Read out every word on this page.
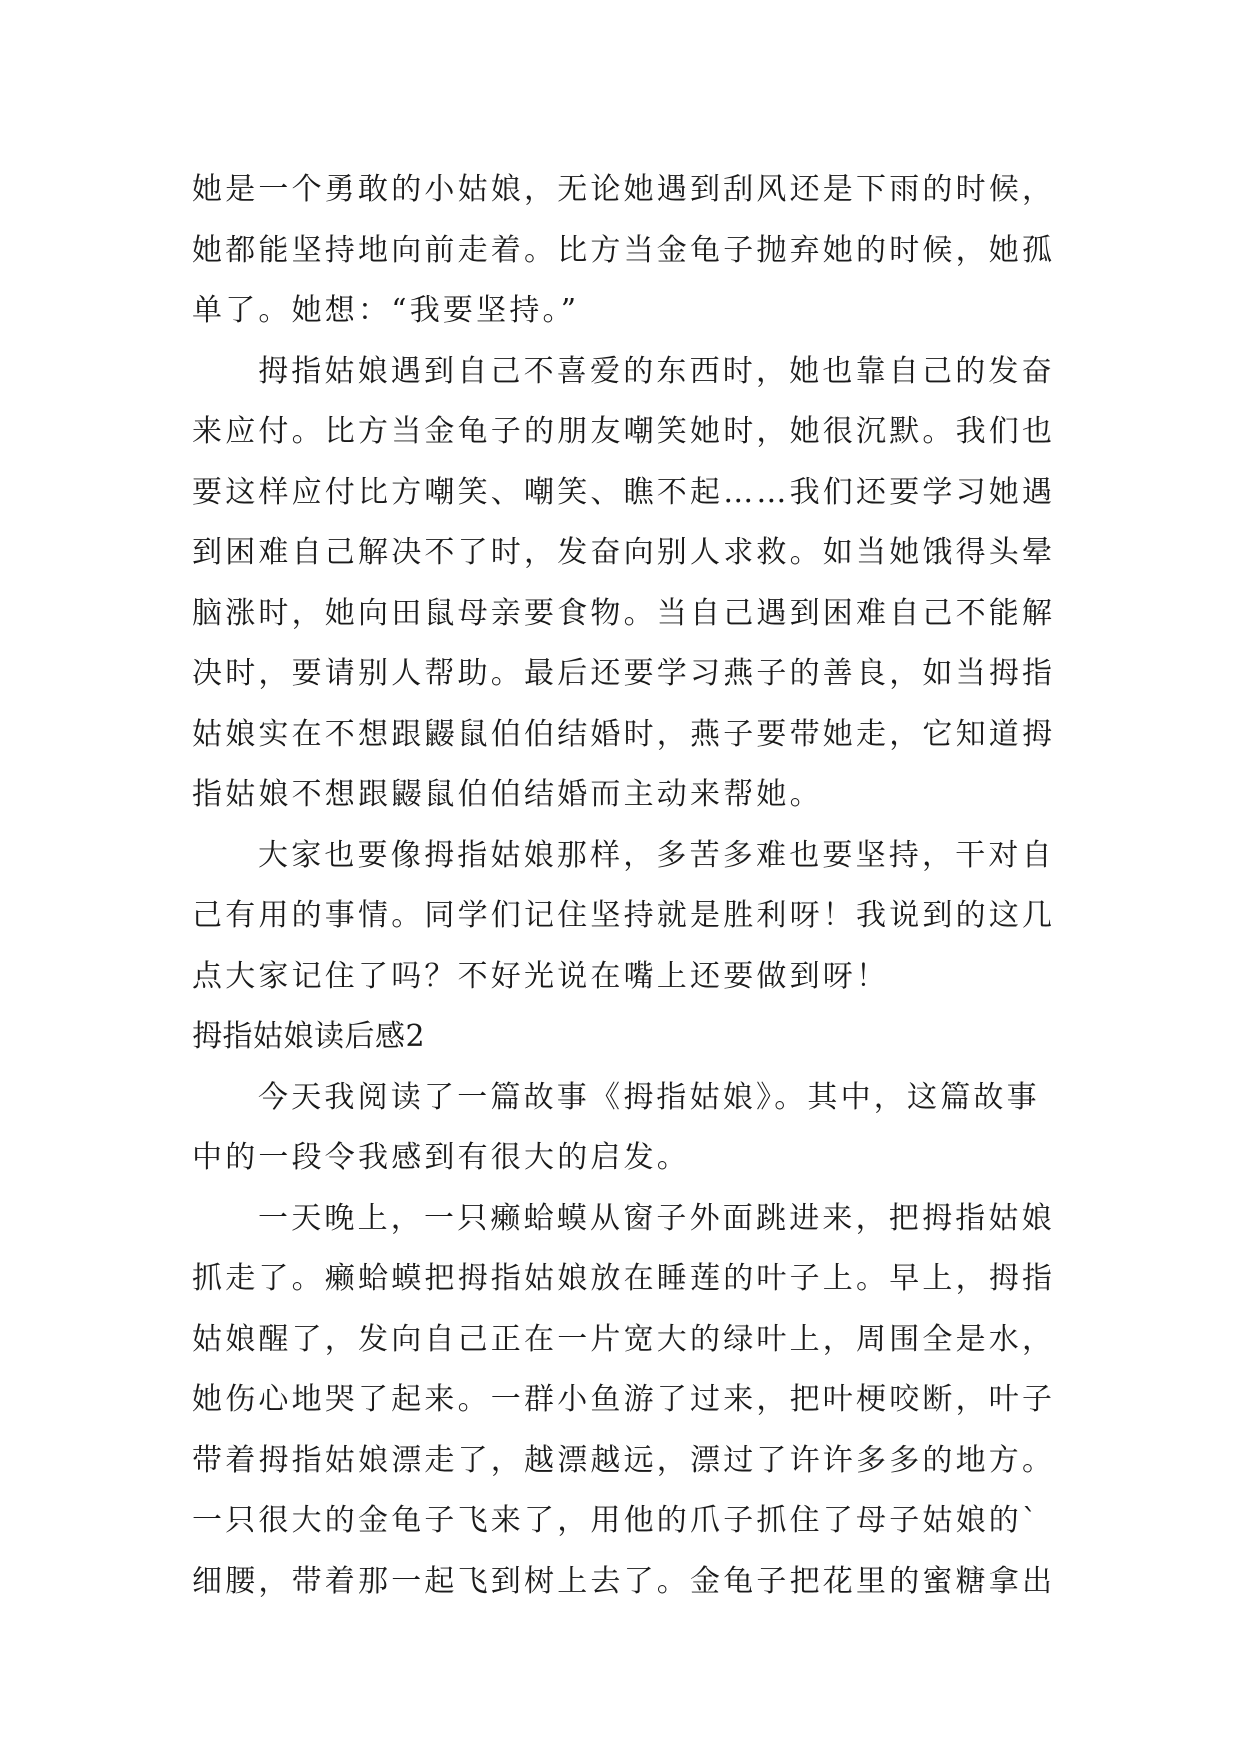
她是一个勇敢的小姑娘，无论她遇到刮风还是下雨的时候，
她都能坚持地向前走着。比方当金龟子抛弃她的时候，她孤
单了。她想：“我要坚持。”
拇指姑娘遇到自己不喜爱的东西时，她也靠自己的发奋
来应付。比方当金龟子的朋友嘲笑她时，她很沉默。我们也
要这样应付比方嘲笑、嘲笑、瞧不起……我们还要学习她遇
到困难自己解决不了时，发奋向别人求救。如当她饿得头晕
脑涨时，她向田鼠母亲要食物。当自己遇到困难自己不能解
决时，要请别人帮助。最后还要学习燕子的善良，如当拇指
姑娘实在不想跟鼹鼠伯伯结婚时，燕子要带她走，它知道拇
指姑娘不想跟鼹鼠伯伯结婚而主动来帮她。
大家也要像拇指姑娘那样，多苦多难也要坚持，干对自
己有用的事情。同学们记住坚持就是胜利呀！我说到的这几
点大家记住了吗？不好光说在嘴上还要做到呀！
拇指姑娘读后感2
今天我阅读了一篇故事《拇指姑娘》。其中，这篇故事
中的一段令我感到有很大的启发。
一天晚上，一只癞蛤蟆从窗子外面跳进来，把拇指姑娘
抓走了。癞蛤蟆把拇指姑娘放在睡莲的叶子上。早上，拇指
姑娘醒了，发向自己正在一片宽大的绿叶上，周围全是水，
她伤心地哭了起来。一群小鱼游了过来，把叶梗咬断，叶子
带着拇指姑娘漂走了，越漂越远，漂过了许许多多的地方。
一只很大的金龟子飞来了，用他的爪子抓住了母子姑娘的`
细腰，带着那一起飞到树上去了。金龟子把花里的蜜糖拿出
